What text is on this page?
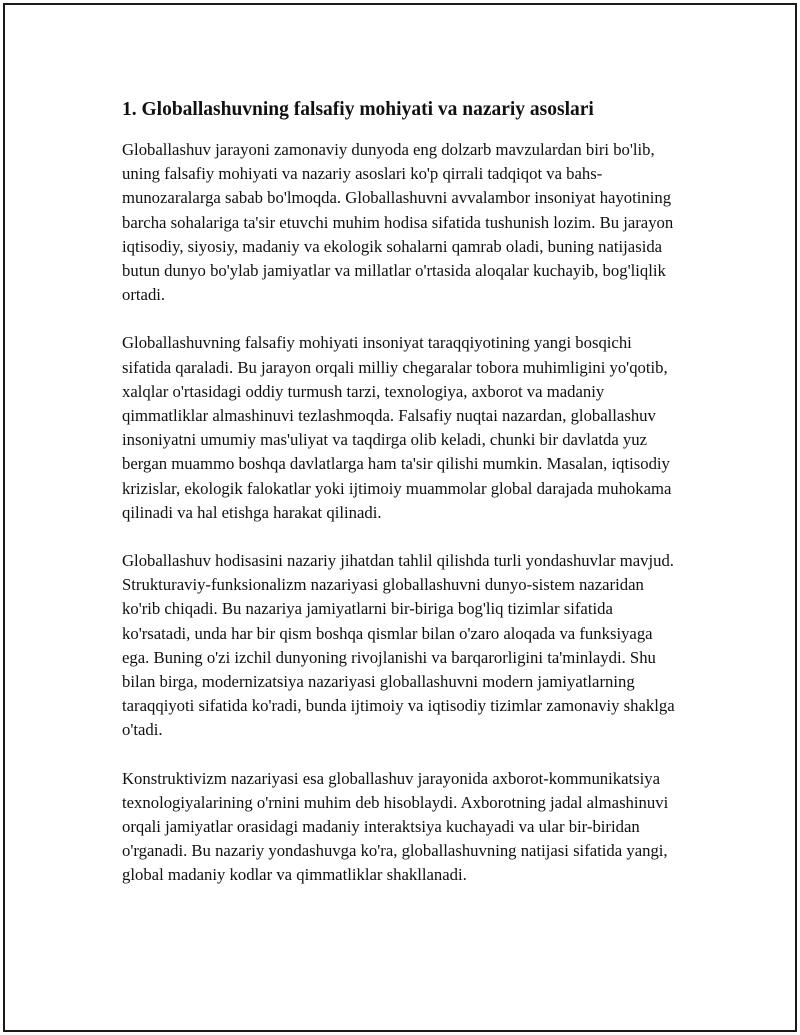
1. Globallashuvning falsafiy mohiyati va nazariy asoslari

Globallashuv jarayoni zamonaviy dunyoda eng dolzarb mavzulardan biri bo'lib, uning falsafiy mohiyati va nazariy asoslari ko'p qirrali tadqiqot va bahs-munozaralarga sabab bo'lmoqda. Globallashuvni avvalambor insoniyat hayotining barcha sohalariga ta'sir etuvchi muhim hodisa sifatida tushunish lozim. Bu jarayon iqtisodiy, siyosiy, madaniy va ekologik sohalarni qamrab oladi, buning natijasida butun dunyo bo'ylab jamiyatlar va millatlar o'rtasida aloqalar kuchayib, bog'liqlik ortadi.

Globallashuvning falsafiy mohiyati insoniyat taraqqiyotining yangi bosqichi sifatida qaraladi. Bu jarayon orqali milliy chegaralar tobora muhimligini yo'qotib, xalqlar o'rtasidagi oddiy turmush tarzi, texnologiya, axborot va madaniy qimmatliklar almashinuvi tezlashmoqda. Falsafiy nuqtai nazardan, globallashuv insoniyatni umumiy mas'uliyat va taqdirga olib keladi, chunki bir davlatda yuz bergan muammo boshqa davlatlarga ham ta'sir qilishi mumkin. Masalan, iqtisodiy krizislar, ekologik falokatlar yoki ijtimoiy muammolar global darajada muhokama qilinadi va hal etishga harakat qilinadi.

Globallashuv hodisasini nazariy jihatdan tahlil qilishda turli yondashuvlar mavjud. Strukturaviy-funksionalizm nazariyasi globallashuvni dunyo-sistem nazaridan ko'rib chiqadi. Bu nazariya jamiyatlarni bir-biriga bog'liq tizimlar sifatida ko'rsatadi, unda har bir qism boshqa qismlar bilan o'zaro aloqada va funksiyaga ega. Buning o'zi izchil dunyoning rivojlanishi va barqarorligini ta'minlaydi. Shu bilan birga, modernizatsiya nazariyasi globallashuvni modern jamiyatlarning taraqqiyoti sifatida ko'radi, bunda ijtimoiy va iqtisodiy tizimlar zamonaviy shaklga o'tadi.

Konstruktivizm nazariyasi esa globallashuv jarayonida axborot-kommunikatsiya texnologiyalarining o'rnini muhim deb hisoblaydi. Axborotning jadal almashinuvi orqali jamiyatlar orasidagi madaniy interaktsiya kuchayadi va ular bir-biridan o'rganadi. Bu nazariy yondashuvga ko'ra, globallashuvning natijasi sifatida yangi, global madaniy kodlar va qimmatliklar shakllanadi.
